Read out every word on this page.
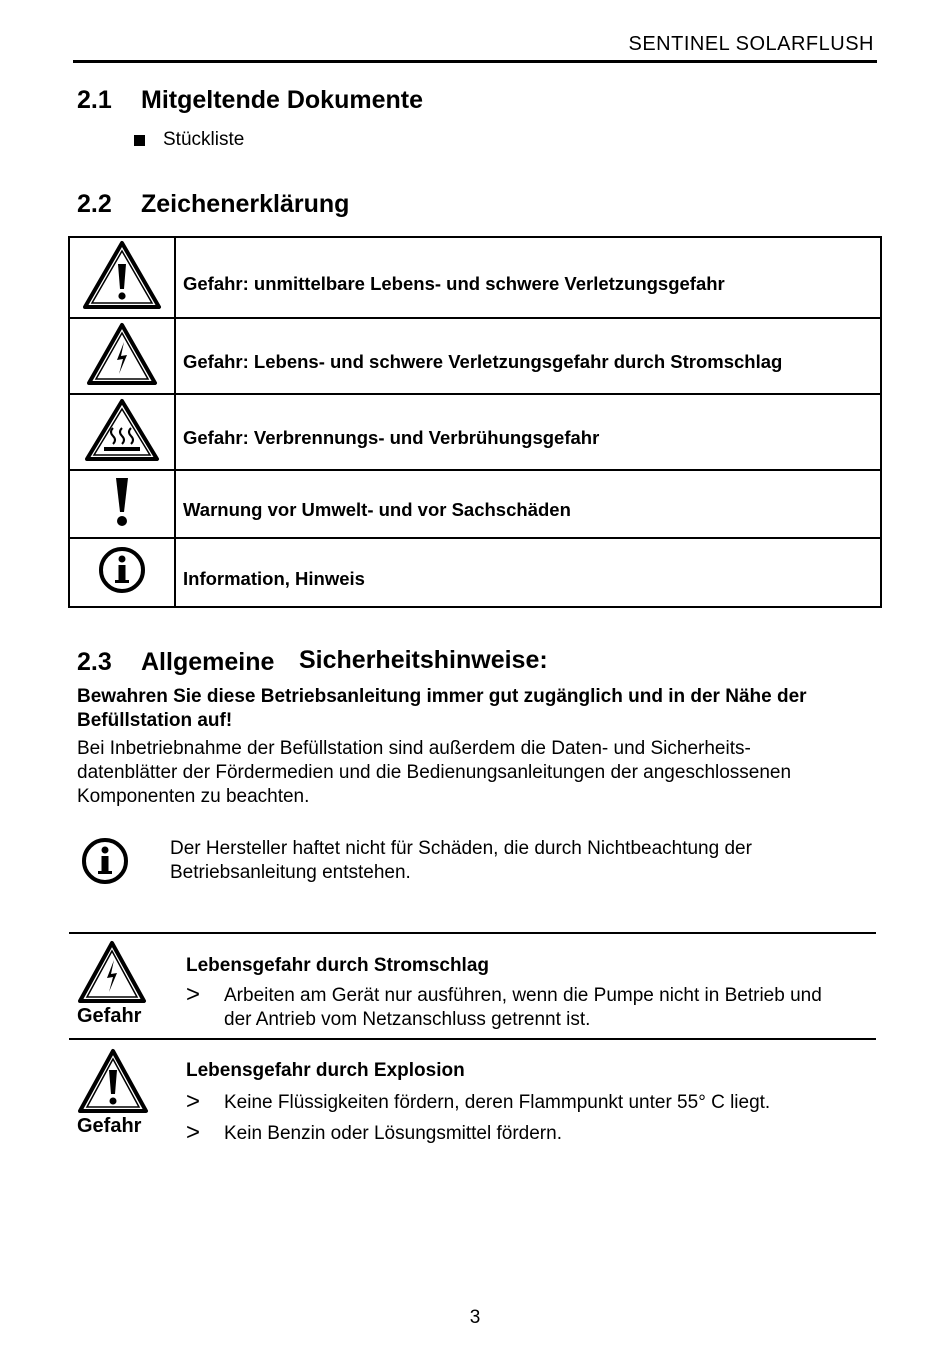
SENTINEL SOLARFLUSH
2.1 Mitgeltende Dokumente
Stückliste
2.2 Zeichenerklärung
	Gefahr: unmittelbare Lebens- und schwere Verletzungsgefahr
	Gefahr: Lebens- und schwere Verletzungsgefahr durch Stromschlag
	Gefahr: Verbrennungs- und Verbrühungsgefahr
	Warnung vor Umwelt- und vor Sachschäden
	Information, Hinweis
2.3 Allgemeine Sicherheitshinweise:
Bewahren Sie diese Betriebsanleitung immer gut zugänglich und in der Nähe der
Befüllstation auf!
Bei Inbetriebnahme der Befüllstation sind außerdem die Daten- und Sicherheits-
datenblätter der Fördermedien und die Bedienungsanleitungen der angeschlossenen
Komponenten zu beachten.
Der Hersteller haftet nicht für Schäden, die durch Nichtbeachtung der
Betriebsanleitung entstehen.
Gefahr
Lebensgefahr durch Stromschlag
>	Arbeiten am Gerät nur ausführen, wenn die Pumpe nicht in Betrieb und
der Antrieb vom Netzanschluss getrennt ist.
Gefahr
Lebensgefahr durch Explosion
>	Keine Flüssigkeiten fördern, deren Flammpunkt unter 55° C liegt.
>	Kein Benzin oder Lösungsmittel fördern.
3
